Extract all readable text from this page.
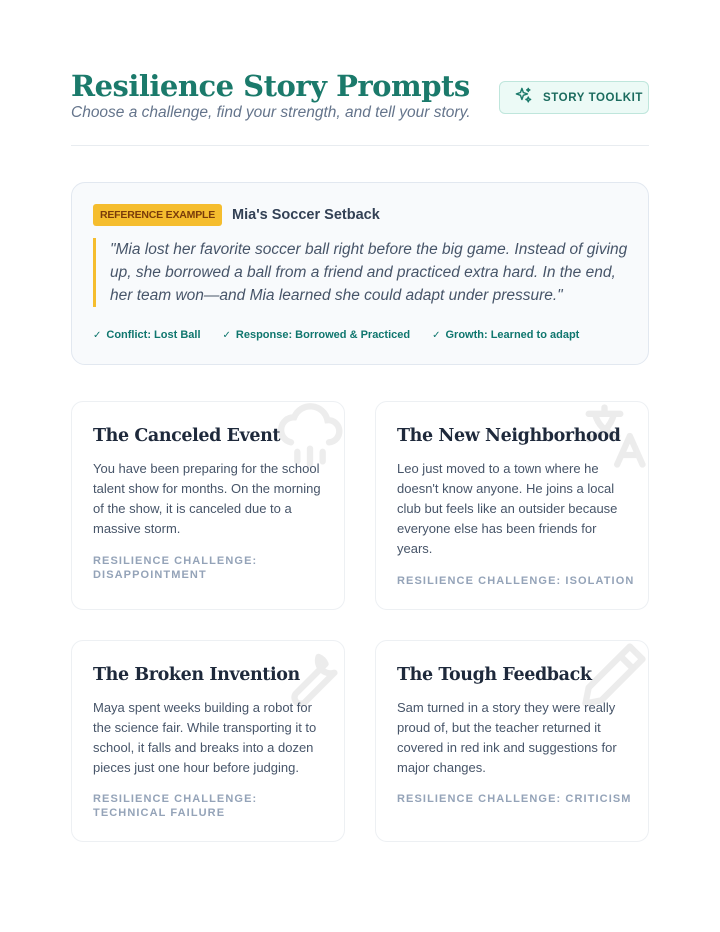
Resilience Story Prompts
Choose a challenge, find your strength, and tell your story.
STORY TOOLKIT
REFERENCE EXAMPLE	Mia's Soccer Setback
"Mia lost her favorite soccer ball right before the big game. Instead of giving up, she borrowed a ball from a friend and practiced extra hard. In the end, her team won—and Mia learned she could adapt under pressure."
✓ Conflict: Lost Ball ✓ Response: Borrowed & Practiced ✓ Growth: Learned to adapt
The Canceled Event
You have been preparing for the school talent show for months. On the morning of the show, it is canceled due to a massive storm.
RESILIENCE CHALLENGE: DISAPPOINTMENT
The New Neighborhood
Leo just moved to a town where he doesn't know anyone. He joins a local club but feels like an outsider because everyone else has been friends for years.
RESILIENCE CHALLENGE: ISOLATION
The Broken Invention
Maya spent weeks building a robot for the science fair. While transporting it to school, it falls and breaks into a dozen pieces just one hour before judging.
RESILIENCE CHALLENGE: TECHNICAL FAILURE
The Tough Feedback
Sam turned in a story they were really proud of, but the teacher returned it covered in red ink and suggestions for major changes.
RESILIENCE CHALLENGE: CRITICISM
